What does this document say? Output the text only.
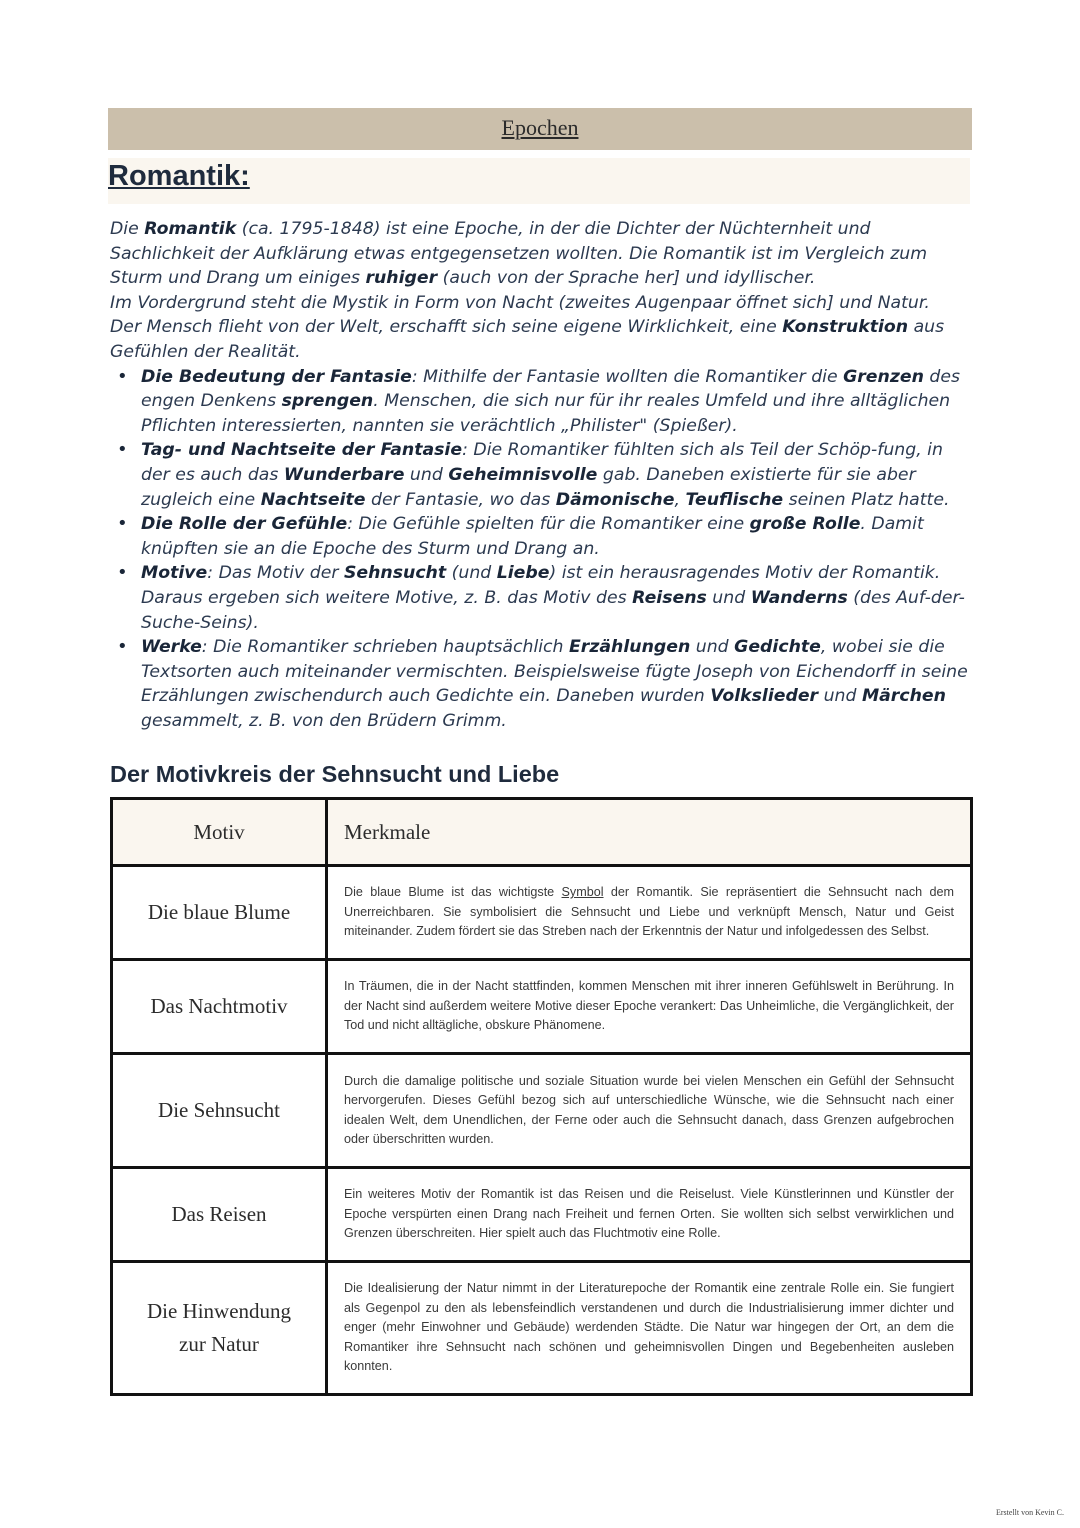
Epochen
Romantik:

Die Romantik (ca. 1795-1848) ist eine Epoche, in der die Dichter der Nüchternheit und Sachlichkeit der Aufklärung etwas entgegensetzen wollten. Die Romantik ist im Vergleich zum Sturm und Drang um einiges ruhiger (auch von der Sprache her] und idyllischer.

Im Vordergrund steht die Mystik in Form von Nacht (zweites Augenpaar öffnet sich] und Natur.

Der Mensch flieht von der Welt, erschafft sich seine eigene Wirklichkeit, eine Konstruktion aus Gefühlen der Realität.

• Die Bedeutung der Fantasie: Mithilfe der Fantasie wollten die Romantiker die Grenzen des engen Denkens sprengen. Menschen, die sich nur für ihr reales Umfeld und ihre alltäglichen Pflichten interessierten, nannten sie verächtlich „Philister" (Spießer).
• Tag- und Nachtseite der Fantasie: Die Romantiker fühlten sich als Teil der Schöp-fung, in der es auch das Wunderbare und Geheimnisvolle gab. Daneben existierte für sie aber zugleich eine Nachtseite der Fantasie, wo das Dämonische, Teuflische seinen Platz hatte.
• Die Rolle der Gefühle: Die Gefühle spielten für die Romantiker eine große Rolle. Damit knüpften sie an die Epoche des Sturm und Drang an.
• Motive: Das Motiv der Sehnsucht (und Liebe) ist ein herausragendes Motiv der Romantik. Daraus ergeben sich weitere Motive, z. B. das Motiv des Reisens und Wanderns (des Auf-der-Suche-Seins).
• Werke: Die Romantiker schrieben hauptsächlich Erzählungen und Gedichte, wobei sie die Textsorten auch miteinander vermischten. Beispielsweise fügte Joseph von Eichendorff in seine Erzählungen zwischendurch auch Gedichte ein. Daneben wurden Volkslieder und Märchen gesammelt, z. B. von den Brüdern Grimm.
Der Motivkreis der Sehnsucht und Liebe
Motiv	Merkmale
Die blaue Blume	Die blaue Blume ist das wichtigste Symbol der Romantik. Sie repräsentiert die Sehnsucht nach dem Unerreichbaren. Sie symbolisiert die Sehnsucht und Liebe und verknüpft Mensch, Natur und Geist miteinander. Zudem fördert sie das Streben nach der Erkenntnis der Natur und infolgedessen des Selbst.
Das Nachtmotiv	In Träumen, die in der Nacht stattfinden, kommen Menschen mit ihrer inneren Gefühlswelt in Berührung. In der Nacht sind außerdem weitere Motive dieser Epoche verankert: Das Unheimliche, die Vergänglichkeit, der Tod und nicht alltägliche, obskure Phänomene.
Die Sehnsucht	Durch die damalige politische und soziale Situation wurde bei vielen Menschen ein Gefühl der Sehnsucht hervorgerufen. Dieses Gefühl bezog sich auf unterschiedliche Wünsche, wie die Sehnsucht nach einer idealen Welt, dem Unendlichen, der Ferne oder auch die Sehnsucht danach, dass Grenzen aufgebrochen oder überschritten wurden.
Das Reisen	Ein weiteres Motiv der Romantik ist das Reisen und die Reiselust. Viele Künstlerinnen und Künstler der Epoche verspürten einen Drang nach Freiheit und fernen Orten. Sie wollten sich selbst verwirklichen und Grenzen überschreiten. Hier spielt auch das Fluchtmotiv eine Rolle.
Die Hinwendung
zur Natur	Die Idealisierung der Natur nimmt in der Literaturepoche der Romantik eine zentrale Rolle ein. Sie fungiert als Gegenpol zu den als lebensfeindlich verstandenen und durch die Industrialisierung immer dichter und enger (mehr Einwohner und Gebäude) werdenden Städte. Die Natur war hingegen der Ort, an dem die Romantiker ihre Sehnsucht nach schönen und geheimnisvollen Dingen und Begebenheiten ausleben konnten.
Erstellt von Kevin C.
